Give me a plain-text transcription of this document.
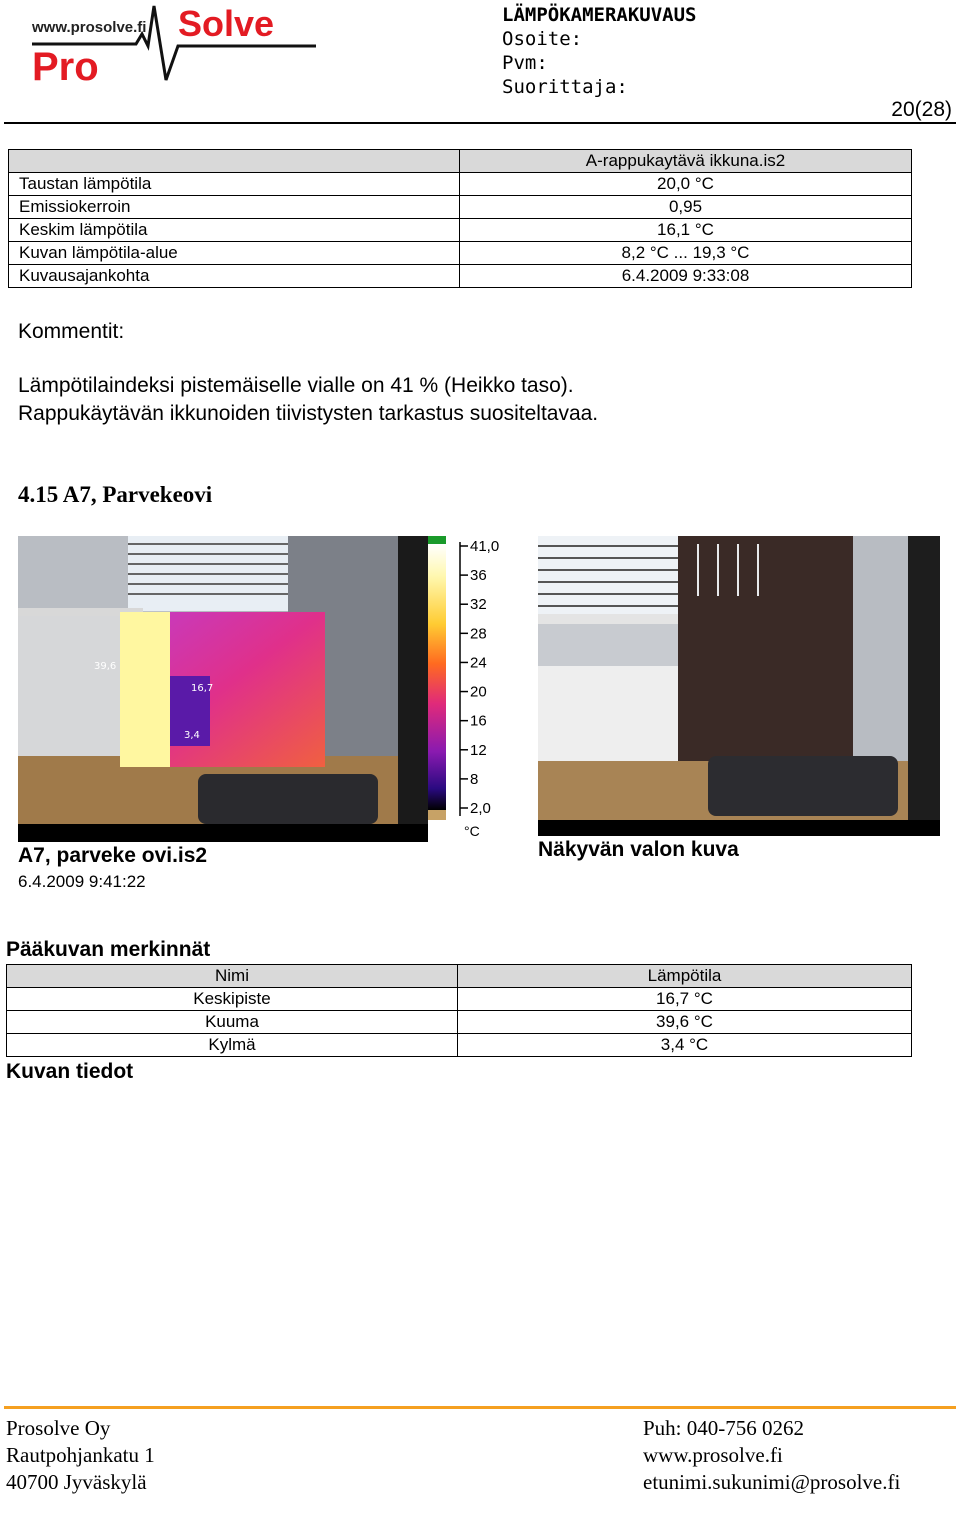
www.prosolve.fi Solve
Pro
LÄMPÖKAMERAKUVAUS
Osoite:
Pvm:
Suorittaja:
20(28)
	A-rappukaytävä ikkuna.is2
Taustan lämpötila	20,0 °C
Emissiokerroin	0,95
Keskim lämpötila	16,1 °C
Kuvan lämpötila-alue	8,2 °C ... 19,3 °C
Kuvausajankohta	6.4.2009 9:33:08
Kommentit:
Lämpötilaindeksi pistemäiselle vialle on 41 % (Heikko taso).
Rappukäytävän ikkunoiden tiivistysten tarkastus suositeltavaa.
4.15 A7, Parvekeovi
39,6
16,7
3,4
41,0
36
32
28
24
20
16
12
8
2,0
°C
A7, parveke ovi.is2
6.4.2009 9:41:22
Näkyvän valon kuva
Pääkuvan merkinnät
Nimi	Lämpötila
Keskipiste	16,7 °C
Kuuma	39,6 °C
Kylmä	3,4 °C
Kuvan tiedot
Prosolve Oy
Rautpohjankatu 1
40700 Jyväskylä
Puh: 040-756 0262
www.prosolve.fi
etunimi.sukunimi@prosolve.fi
